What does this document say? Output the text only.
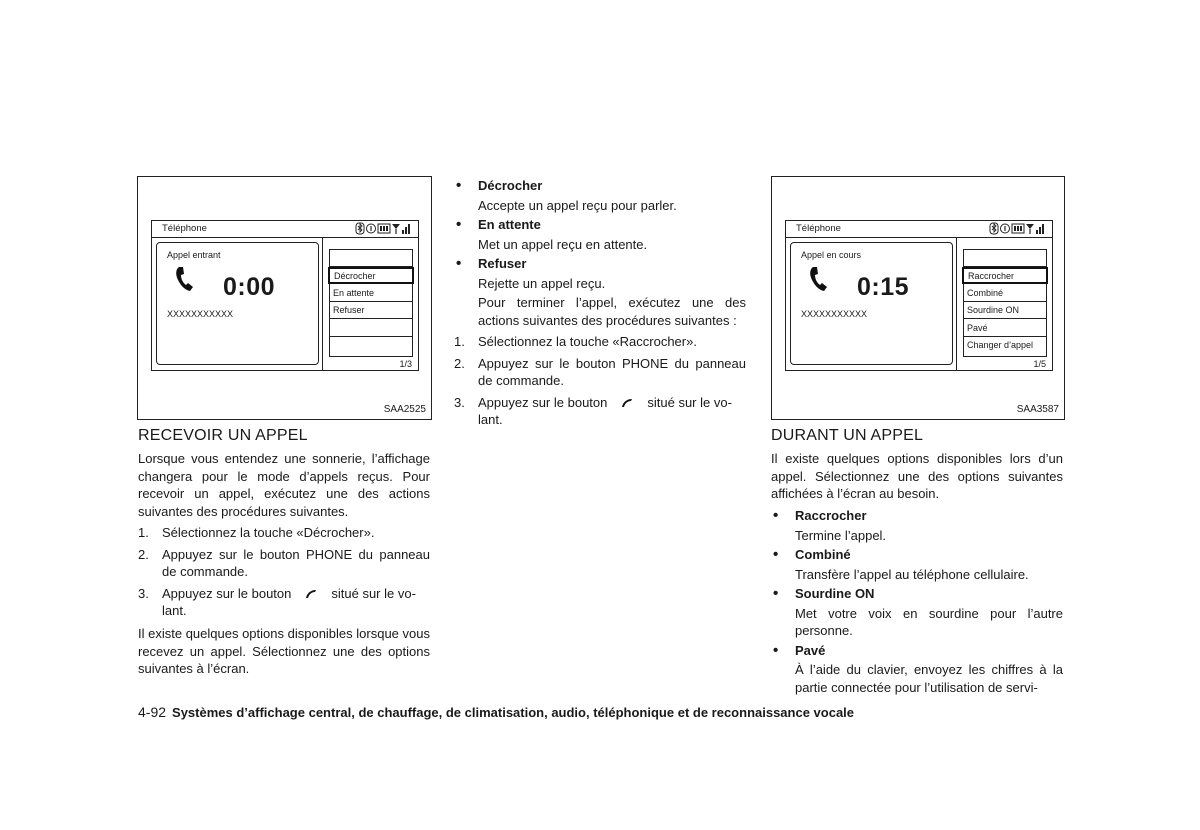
Téléphone
Appel entrant
0:00
XXXXXXXXXXX
Décrocher
En attente
Refuser
1/3
SAA2525
Téléphone
Appel en cours
0:15
XXXXXXXXXXX
Raccrocher
Combiné
Sourdine ON
Pavé
Changer d’appel
1/5
SAA3587
RECEVOIR UN APPEL

Lorsque vous entendez une sonnerie, l’affichage changera pour le mode d’appels reçus. Pour recevoir un appel, exécutez une des actions suivantes des procédures suivantes.

1. Sélectionnez la touche «Décrocher».
2. Appuyez sur le bouton PHONE du panneau de commande.
3. Appuyez sur le bouton	situé sur le vo-
lant.

Il existe quelques options disponibles lorsque vous recevez un appel. Sélectionnez une des options suivantes à l’écran.

• Décrocher
Accepte un appel reçu pour parler.
• En attente
Met un appel reçu en attente.
• Refuser
Rejette un appel reçu.
Pour terminer l’appel, exécutez une des actions suivantes des procédures suivantes :
1. Sélectionnez la touche «Raccrocher».
2. Appuyez sur le bouton PHONE du panneau de commande.
3. Appuyez sur le bouton	situé sur le vo-
lant.
DURANT UN APPEL

Il existe quelques options disponibles lors d’un appel. Sélectionnez une des options suivantes affichées à l’écran au besoin.

• Raccrocher
Termine l’appel.
• Combiné
Transfère l’appel au téléphone cellulaire.
• Sourdine ON
Met votre voix en sourdine pour l’autre personne.
• Pavé
À l’aide du clavier, envoyez les chiffres à la partie connectée pour l’utilisation de servi-
4-92 Systèmes d’affichage central, de chauffage, de climatisation, audio, téléphonique et de reconnaissance vocale
